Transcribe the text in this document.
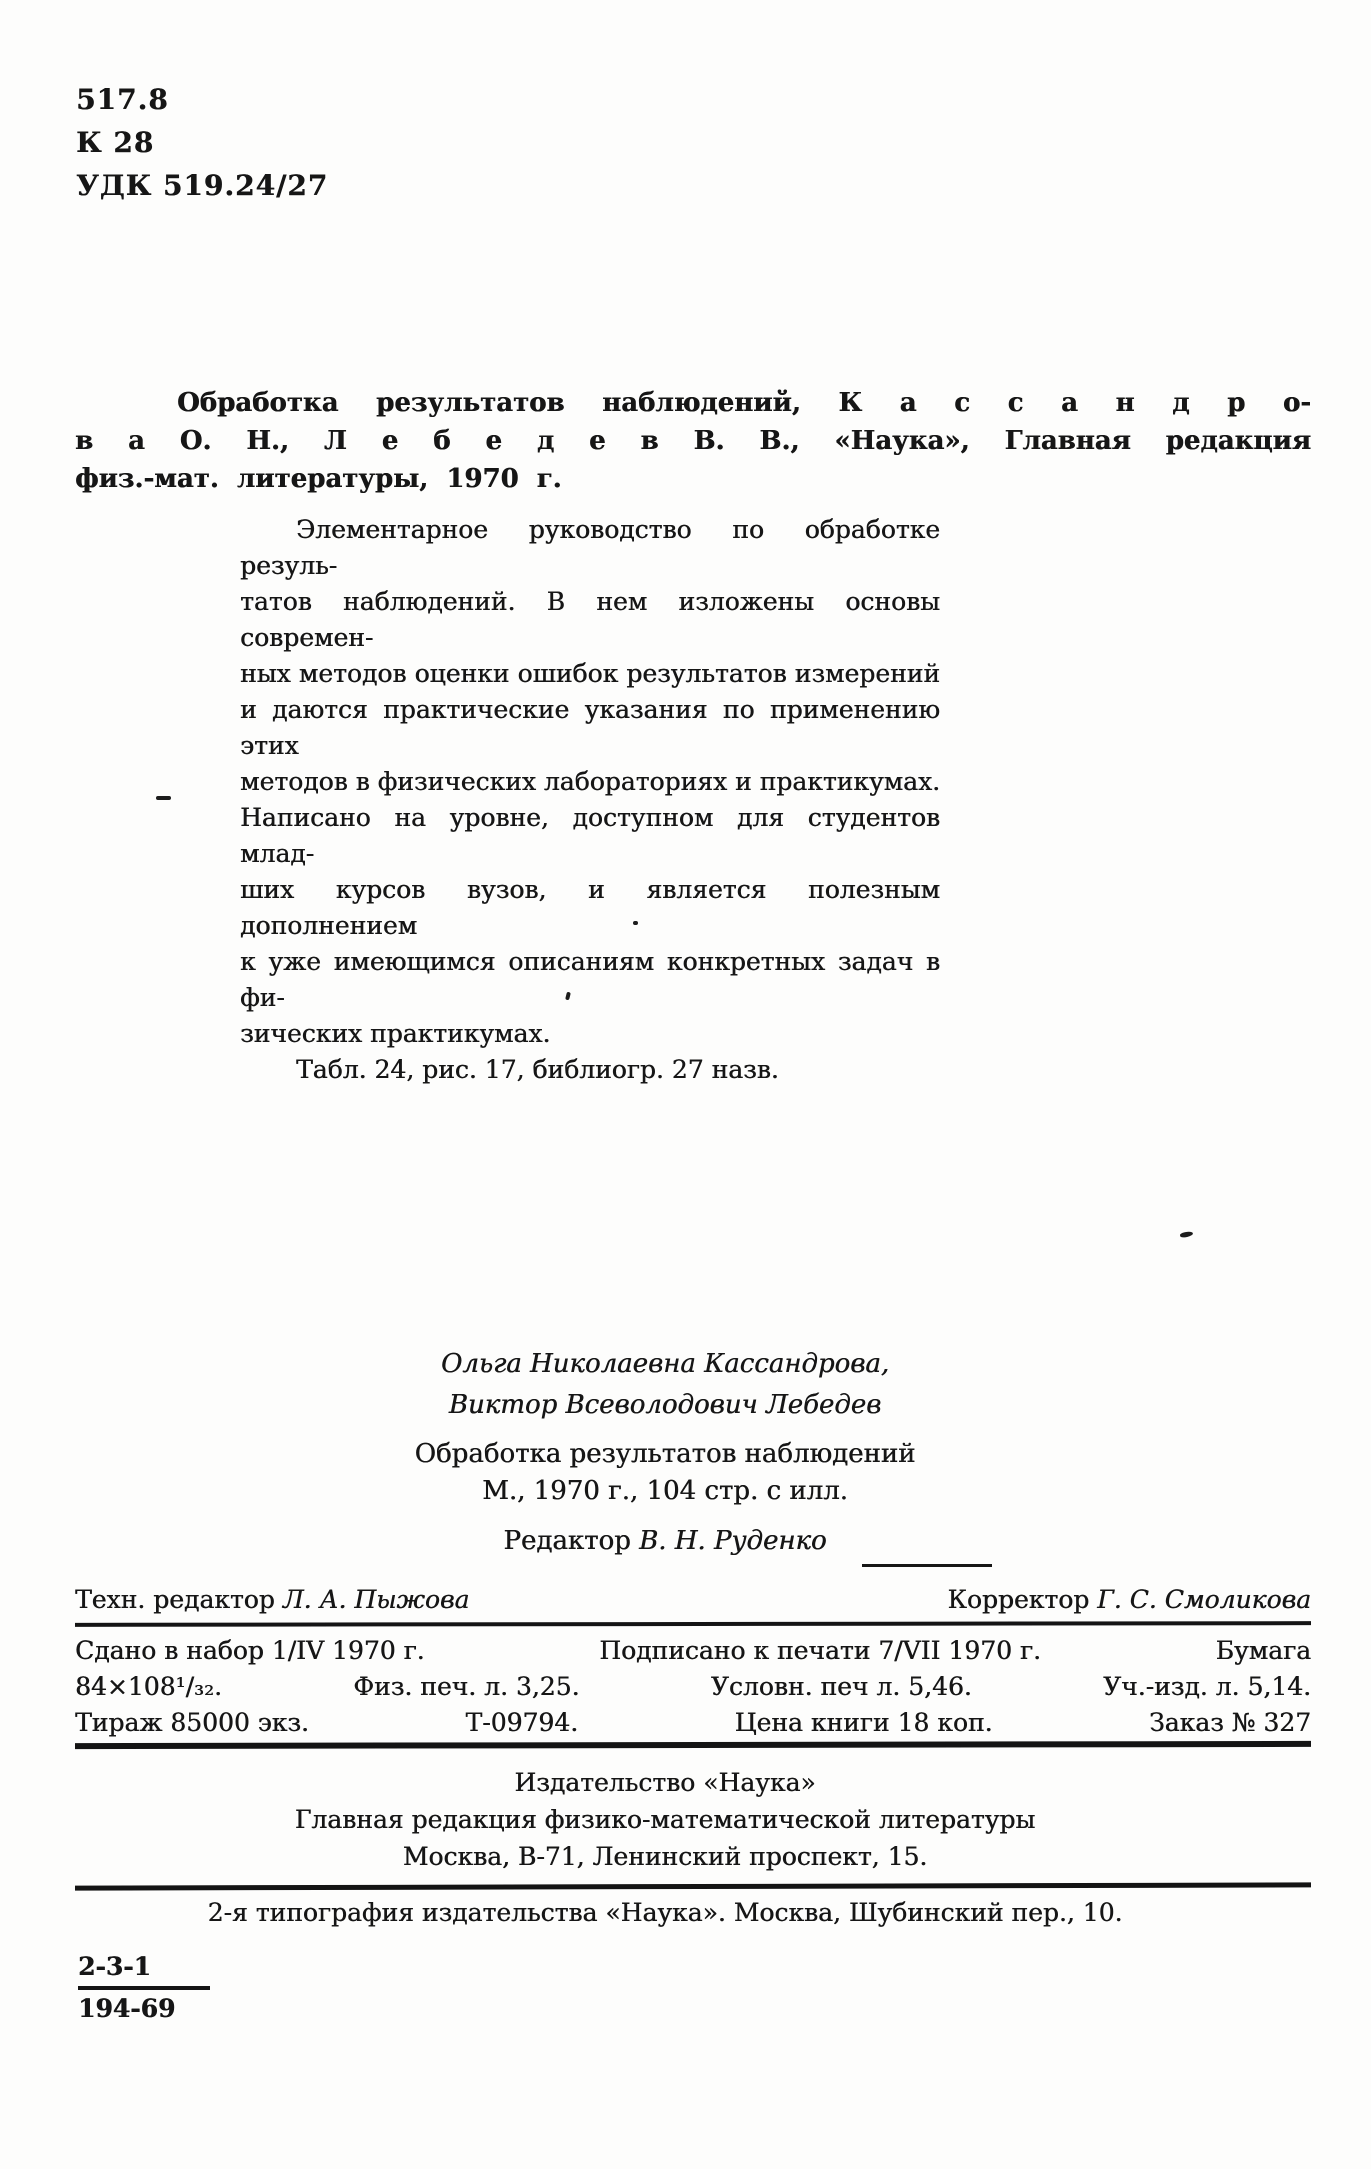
517.8
К 28
УДК 519.24/27
Обработка результатов наблюдений, К а с с а н д р о-
в а О. Н., Л е б е д е в В. В., «Наука», Главная редакция
физ.-мат. литературы, 1970 г.
Элементарное руководство по обработке резуль-
татов наблюдений. В нем изложены основы современ-
ных методов оценки ошибок результатов измерений
и даются практические указания по применению этих
методов в физических лабораториях и практикумах.
Написано на уровне, доступном для студентов млад-
ших курсов вузов, и является полезным дополнением
к уже имеющимся описаниям конкретных задач в фи-
зических практикумах.
Табл. 24, рис. 17, библиогр. 27 назв.
Ольга Николаевна Кассандрова,
Виктор Всеволодович Лебедев
Обработка результатов наблюдений
М., 1970 г., 104 стр. с илл.
Редактор В. Н. Руденко
Техн. редактор Л. А. Пыжова	Корректор Г. С. Смоликова
Сдано в набор 1/IV 1970 г.	Подписано к печати 7/VII 1970 г.	Бумага
84×108¹/₃₂.	Физ. печ. л. 3,25.	Условн. печ л. 5,46.	Уч.-изд. л. 5,14.
Тираж 85000 экз.	Т-09794.	Цена книги 18 коп.	Заказ № 327
Издательство «Наука»
Главная редакция физико-математической литературы
Москва, В-71, Ленинский проспект, 15.
2-я типография издательства «Наука». Москва, Шубинский пер., 10.
2-3-1
194-69
